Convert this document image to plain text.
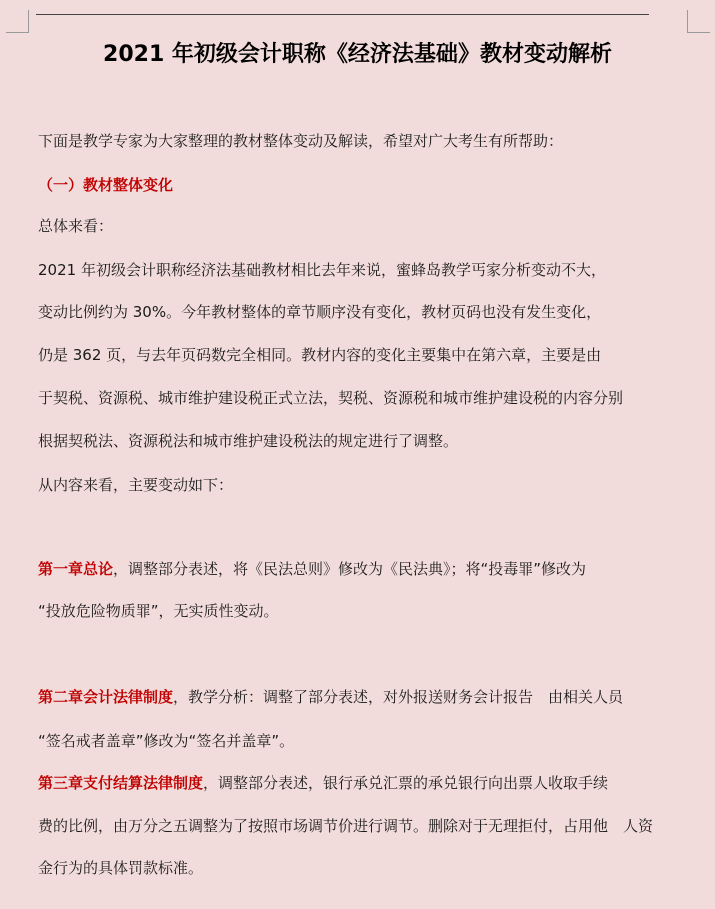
2021 年初级会计职称《经济法基础》教材变动解析
下面是教学专家为大家整理的教材整体变动及解读，希望对广大考生有所帮助：
（一）教材整体变化
总体来看：
2021 年初级会计职称经济法基础教材相比去年来说，蜜蜂岛教学丐家分析变动不大，
变动比例约为 30%。今年教材整体的章节顺序没有变化，教材页码也没有发生变化，
仍是 362 页，与去年页码数完全相同。教材内容的变化主要集中在第六章，主要是由
于契税、资源税、城市维护建设税正式立法，契税、资源税和城市维护建设税的内容分别
根据契税法、资源税法和城市维护建设税法的规定进行了调整。
从内容来看，主要变动如下：
第一章总论，调整部分表述，将《民法总则》修改为《民法典》；将“投毒罪”修改为
“投放危险物质罪”，无实质性变动。
第二章会计法律制度，教学分析：调整了部分表述，对外报送财务会计报告　由相关人员
“签名戒者盖章”修改为“签名并盖章”。
第三章支付结算法律制度，调整部分表述，银行承兑汇票的承兑银行向出票人收取手续
费的比例，由万分之五调整为了按照市场调节价进行调节。删除对于无理拒付，占用他　人资
金行为的具体罚款标准。
